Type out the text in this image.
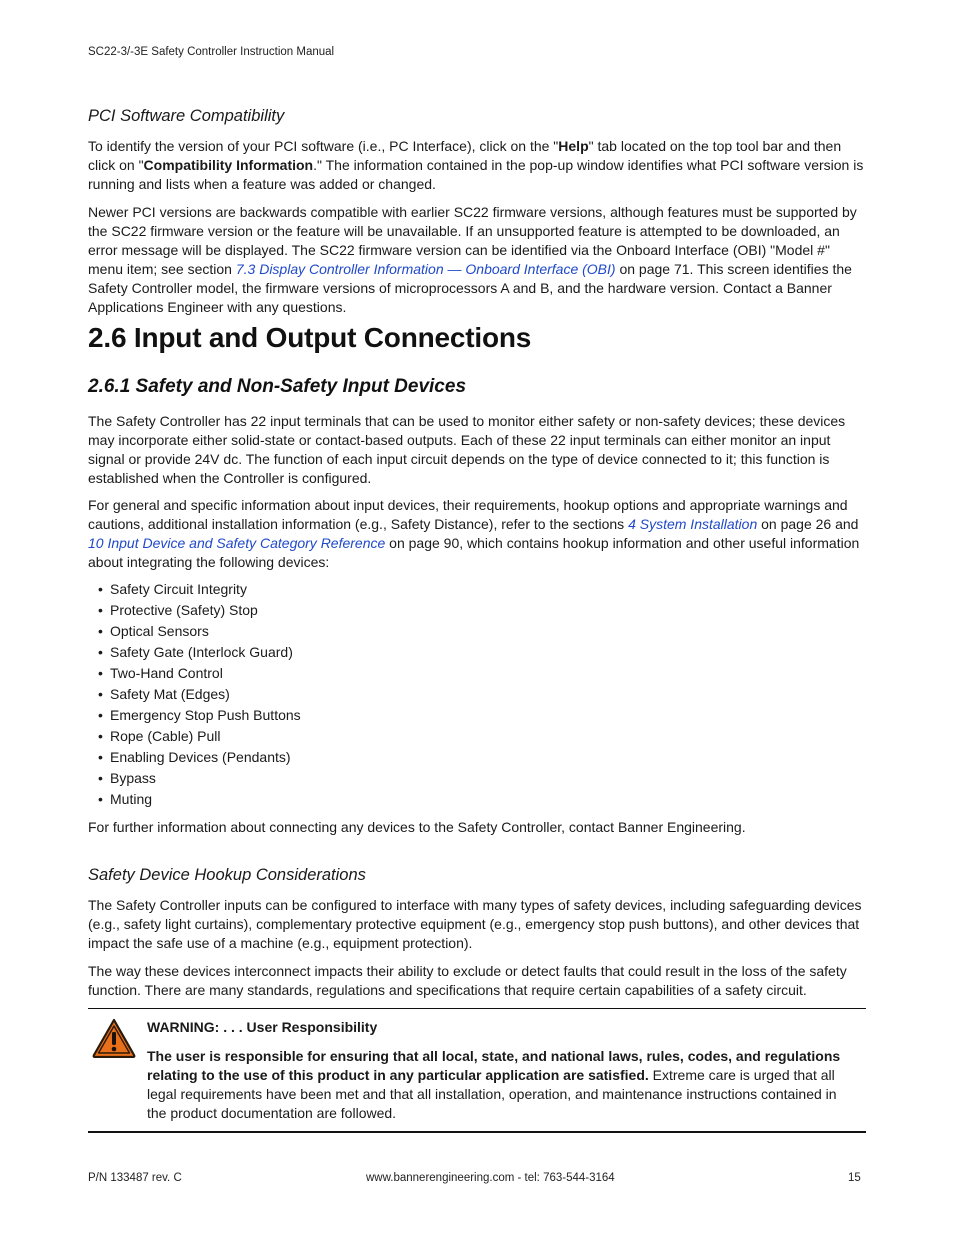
SC22-3/-3E Safety Controller Instruction Manual
PCI Software Compatibility
To identify the version of your PCI software (i.e., PC Interface), click on the "Help" tab located on the top tool bar and then click on "Compatibility Information." The information contained in the pop-up window identifies what PCI software version is running and lists when a feature was added or changed.
Newer PCI versions are backwards compatible with earlier SC22 firmware versions, although features must be supported by the SC22 firmware version or the feature will be unavailable. If an unsupported feature is attempted to be downloaded, an error message will be displayed. The SC22 firmware version can be identified via the Onboard Interface (OBI) "Model #" menu item; see section 7.3 Display Controller Information — Onboard Interface (OBI) on page 71. This screen identifies the Safety Controller model, the firmware versions of microprocessors A and B, and the hardware version. Contact a Banner Applications Engineer with any questions.
2.6 Input and Output Connections
2.6.1 Safety and Non-Safety Input Devices
The Safety Controller has 22 input terminals that can be used to monitor either safety or non-safety devices; these devices may incorporate either solid-state or contact-based outputs. Each of these 22 input terminals can either monitor an input signal or provide 24V dc. The function of each input circuit depends on the type of device connected to it; this function is established when the Controller is configured.
For general and specific information about input devices, their requirements, hookup options and appropriate warnings and cautions, additional installation information (e.g., Safety Distance), refer to the sections 4 System Installation on page 26 and 10 Input Device and Safety Category Reference on page 90, which contains hookup information and other useful information about integrating the following devices:
• Safety Circuit Integrity
• Protective (Safety) Stop
• Optical Sensors
• Safety Gate (Interlock Guard)
• Two-Hand Control
• Safety Mat (Edges)
• Emergency Stop Push Buttons
• Rope (Cable) Pull
• Enabling Devices (Pendants)
• Bypass
• Muting
For further information about connecting any devices to the Safety Controller, contact Banner Engineering.
Safety Device Hookup Considerations
The Safety Controller inputs can be configured to interface with many types of safety devices, including safeguarding devices (e.g., safety light curtains), complementary protective equipment (e.g., emergency stop push buttons), and other devices that impact the safe use of a machine (e.g., equipment protection).
The way these devices interconnect impacts their ability to exclude or detect faults that could result in the loss of the safety function. There are many standards, regulations and specifications that require certain capabilities of a safety circuit.
WARNING: . . . User Responsibility
The user is responsible for ensuring that all local, state, and national laws, rules, codes, and regulations relating to the use of this product in any particular application are satisfied. Extreme care is urged that all legal requirements have been met and that all installation, operation, and maintenance instructions contained in the product documentation are followed.
P/N 133487 rev. C	www.bannerengineering.com - tel: 763-544-3164	15
